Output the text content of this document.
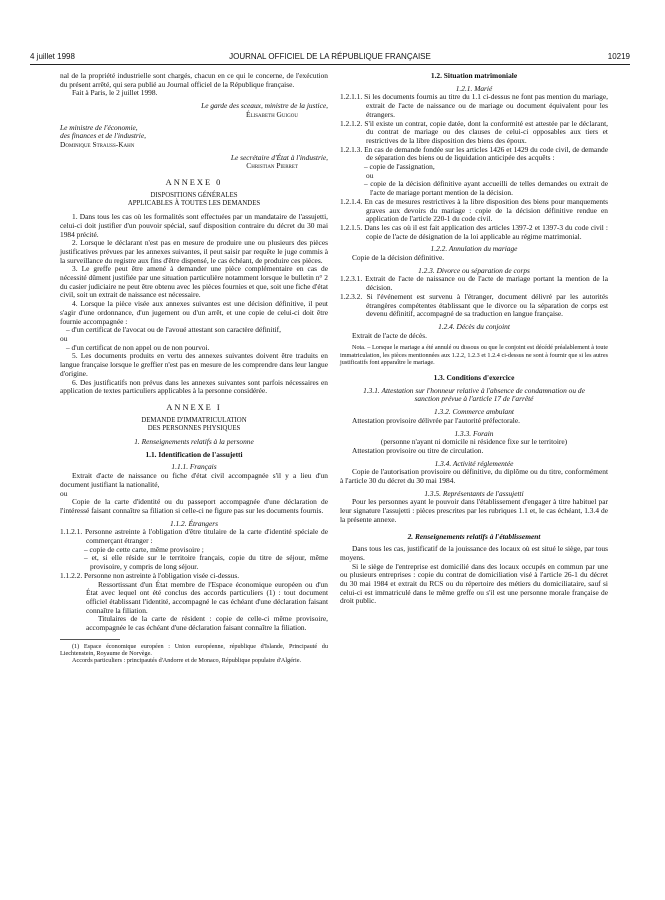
4 juillet 1998	JOURNAL OFFICIEL DE LA RÉPUBLIQUE FRANÇAISE	10219

nal de la propriété industrielle sont chargés, chacun en ce qui le concerne, de l'exécution du présent arrêté, qui sera publié au Journal officiel de la République française.

Fait à Paris, le 2 juillet 1998.

Le garde des sceaux, ministre de la justice,

Élisabeth Guigou

Le ministre de l'économie,

des finances et de l'industrie,

Dominique Strauss-Kahn

Le secrétaire d'État à l'industrie,

Christian Pierret

ANNEXE 0

DISPOSITIONS GÉNÉRALES

APPLICABLES À TOUTES LES DEMANDES

1. Dans tous les cas où les formalités sont effectuées par un mandataire de l'assujetti, celui-ci doit justifier d'un pouvoir spécial, sauf disposition contraire du décret du 30 mai 1984 précité.

2. Lorsque le déclarant n'est pas en mesure de produire une ou plusieurs des pièces justificatives prévues par les annexes suivantes, il peut saisir par requête le juge commis à la surveillance du registre aux fins d'être dispensé, le cas échéant, de produire ces pièces.

3. Le greffe peut être amené à demander une pièce complémentaire en cas de nécessité dûment justifiée par une situation particulière notamment lorsque le bulletin n° 2 du casier judiciaire ne peut être obtenu avec les pièces fournies et que, soit une fiche d'état civil, soit un extrait de naissance est nécessaire.

4. Lorsque la pièce visée aux annexes suivantes est une décision définitive, il peut s'agir d'une ordonnance, d'un jugement ou d'un arrêt, et une copie de celui-ci doit être fournie accompagnée :

– d'un certificat de l'avocat ou de l'avoué attestant son caractère définitif,

ou

– d'un certificat de non appel ou de non pourvoi.

5. Les documents produits en vertu des annexes suivantes doivent être traduits en langue française lorsque le greffier n'est pas en mesure de les comprendre dans leur langue d'origine.

6. Des justificatifs non prévus dans les annexes suivantes sont parfois nécessaires en application de textes particuliers applicables à la personne considérée.

ANNEXE I

DEMANDE D'IMMATRICULATION

DES PERSONNES PHYSIQUES

1. Renseignements relatifs à la personne

1.1. Identification de l'assujetti

1.1.1. Français

Extrait d'acte de naissance ou fiche d'état civil accompagnée s'il y a lieu d'un document justifiant la nationalité,

ou

Copie de la carte d'identité ou du passeport accompagnée d'une déclaration de l'intéressé faisant connaître sa filiation si celle-ci ne figure pas sur les documents fournis.

1.1.2. Étrangers

1.1.2.1. Personne astreinte à l'obligation d'être titulaire de la carte d'identité spéciale de commerçant étranger :

– copie de cette carte, même provisoire ;

– et, si elle réside sur le territoire français, copie du titre de séjour, même provisoire, y compris de long séjour.

1.1.2.2. Personne non astreinte à l'obligation visée ci-dessus.

Ressortissant d'un État membre de l'Espace économique européen ou d'un État avec lequel ont été conclus des accords particuliers (1) : tout document officiel établissant l'identité, accompagné le cas échéant d'une déclaration faisant connaître la filiation.

Titulaires de la carte de résident : copie de celle-ci même provisoire, accompagnée le cas échéant d'une déclaration faisant connaître la filiation.

(1) Espace économique européen : Union européenne, république d'Islande, Principauté du Liechtenstein, Royaume de Norvège.

Accords particuliers : principautés d'Andorre et de Monaco, République populaire d'Algérie.

1.2. Situation matrimoniale

1.2.1. Marié

1.2.1.1. Si les documents fournis au titre du 1.1 ci-dessus ne font pas mention du mariage, extrait de l'acte de naissance ou de mariage ou document équivalent pour les étrangers.

1.2.1.2. S'il existe un contrat, copie datée, dont la conformité est attestée par le déclarant, du contrat de mariage ou des clauses de celui-ci opposables aux tiers et restrictives de la libre disposition des biens des époux.

1.2.1.3. En cas de demande fondée sur les articles 1426 et 1429 du code civil, de demande de séparation des biens ou de liquidation anticipée des acquêts :

– copie de l'assignation,

ou

– copie de la décision définitive ayant accueilli de telles demandes ou extrait de l'acte de mariage portant mention de la décision.

1.2.1.4. En cas de mesures restrictives à la libre disposition des biens pour manquements graves aux devoirs du mariage : copie de la décision définitive rendue en application de l'article 220-1 du code civil.

1.2.1.5. Dans les cas où il est fait application des articles 1397-2 et 1397-3 du code civil : copie de l'acte de désignation de la loi applicable au régime matrimonial.

1.2.2. Annulation du mariage

Copie de la décision définitive.

1.2.3. Divorce ou séparation de corps

1.2.3.1. Extrait de l'acte de naissance ou de l'acte de mariage portant la mention de la décision.

1.2.3.2. Si l'événement est survenu à l'étranger, document délivré par les autorités étrangères compétentes établissant que le divorce ou la séparation de corps est devenu définitif, accompagné de sa traduction en langue française.

1.2.4. Décès du conjoint

Extrait de l'acte de décès.

Nota. – Lorsque le mariage a été annulé ou dissous ou que le conjoint est décédé préalablement à toute immatriculation, les pièces mentionnées aux 1.2.2, 1.2.3 et 1.2.4 ci-dessus ne sont à fournir que si les autres justificatifs font apparaître le mariage.

1.3. Conditions d'exercice

1.3.1. Attestation sur l'honneur relative à l'absence de condamnation ou de sanction prévue à l'article 17 de l'arrêté

1.3.2. Commerce ambulant

Attestation provisoire délivrée par l'autorité préfectorale.

1.3.3. Forain

(personne n'ayant ni domicile ni résidence fixe sur le territoire)

Attestation provisoire ou titre de circulation.

1.3.4. Activité réglementée

Copie de l'autorisation provisoire ou définitive, du diplôme ou du titre, conformément à l'article 30 du décret du 30 mai 1984.

1.3.5. Représentants de l'assujetti

Pour les personnes ayant le pouvoir dans l'établissement d'engager à titre habituel par leur signature l'assujetti : pièces prescrites par les rubriques 1.1 et, le cas échéant, 1.3.4 de la présente annexe.

2. Renseignements relatifs à l'établissement

Dans tous les cas, justificatif de la jouissance des locaux où est situé le siège, par tous moyens.

Si le siège de l'entreprise est domicilié dans des locaux occupés en commun par une ou plusieurs entreprises : copie du contrat de domiciliation visé à l'article 26-1 du décret du 30 mai 1984 et extrait du RCS ou du répertoire des métiers du domiciliataire, sauf si celui-ci est immatriculé dans le même greffe ou s'il est une personne morale française de droit public.
